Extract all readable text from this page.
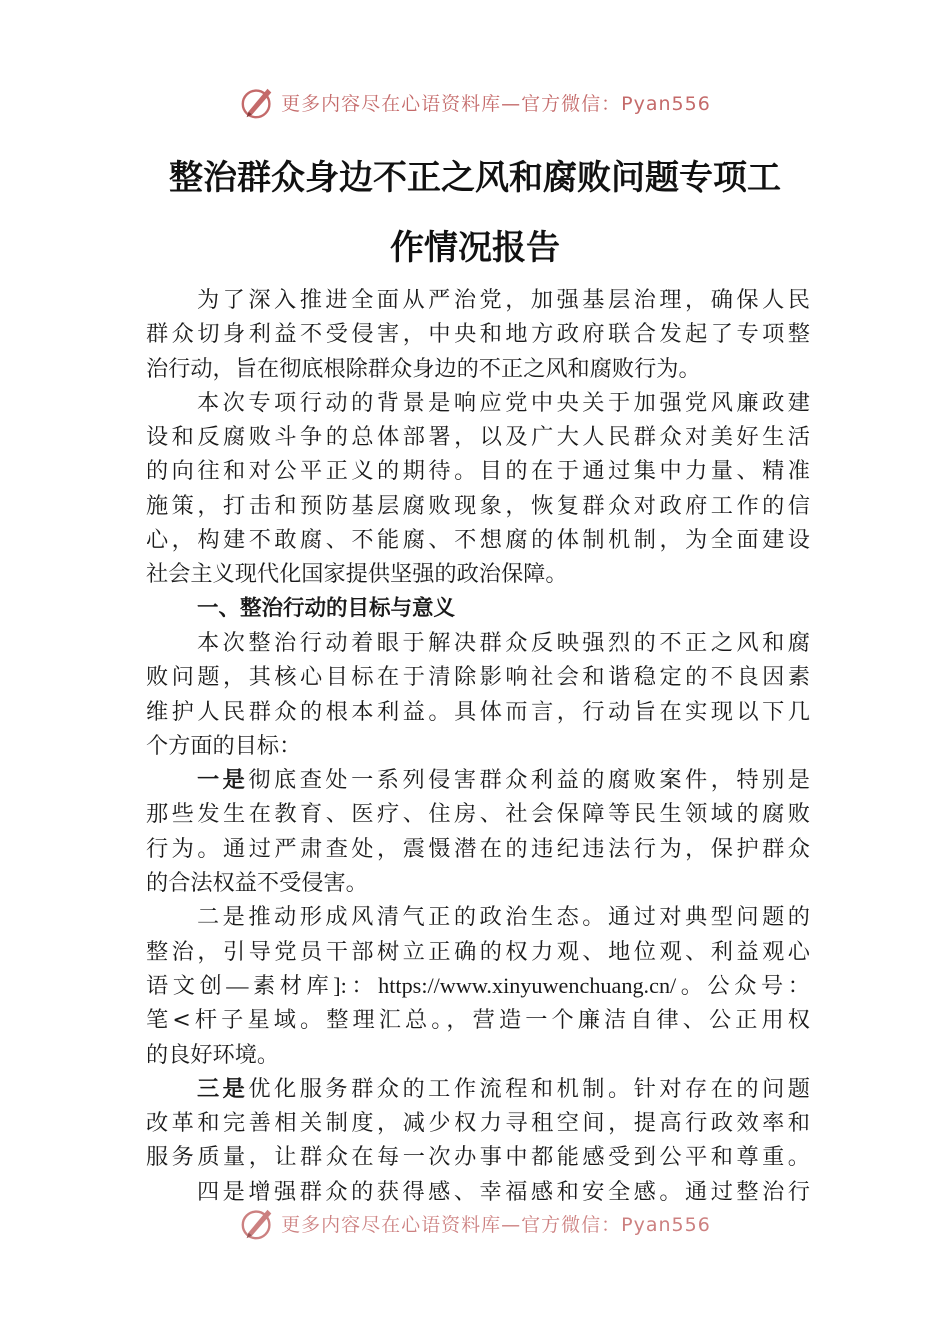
更多内容尽在心语资料库—官方微信：Pyan556
整治群众身边不正之风和腐败问题专项工
作情况报告
为了深入推进全面从严治党，加强基层治理，确保人民
群众切身利益不受侵害，中央和地方政府联合发起了专项整
治行动，旨在彻底根除群众身边的不正之风和腐败行为。
本次专项行动的背景是响应党中央关于加强党风廉政建
设和反腐败斗争的总体部署，以及广大人民群众对美好生活
的向往和对公平正义的期待。目的在于通过集中力量、精准
施策，打击和预防基层腐败现象，恢复群众对政府工作的信
心，构建不敢腐、不能腐、不想腐的体制机制，为全面建设
社会主义现代化国家提供坚强的政治保障。
一、整治行动的目标与意义
本次整治行动着眼于解决群众反映强烈的不正之风和腐
败问题，其核心目标在于清除影响社会和谐稳定的不良因素
维护人民群众的根本利益。具体而言，行动旨在实现以下几
个方面的目标：
一是彻底查处一系列侵害群众利益的腐败案件，特别是
那些发生在教育、医疗、住房、社会保障等民生领域的腐败
行为。通过严肃查处，震慑潜在的违纪违法行为，保护群众
的合法权益不受侵害。
二是推动形成风清气正的政治生态。通过对典型问题的
整治，引导党员干部树立正确的权力观、地位观、利益观心
语文创—素材库]:：https://www.xinyuwenchuang.cn/。公众号：
笔<杆子星域。整理汇总。，营造一个廉洁自律、公正用权
的良好环境。
三是优化服务群众的工作流程和机制。针对存在的问题
改革和完善相关制度，减少权力寻租空间，提高行政效率和
服务质量，让群众在每一次办事中都能感受到公平和尊重。
四是增强群众的获得感、幸福感和安全感。通过整治行
更多内容尽在心语资料库—官方微信：Pyan556
